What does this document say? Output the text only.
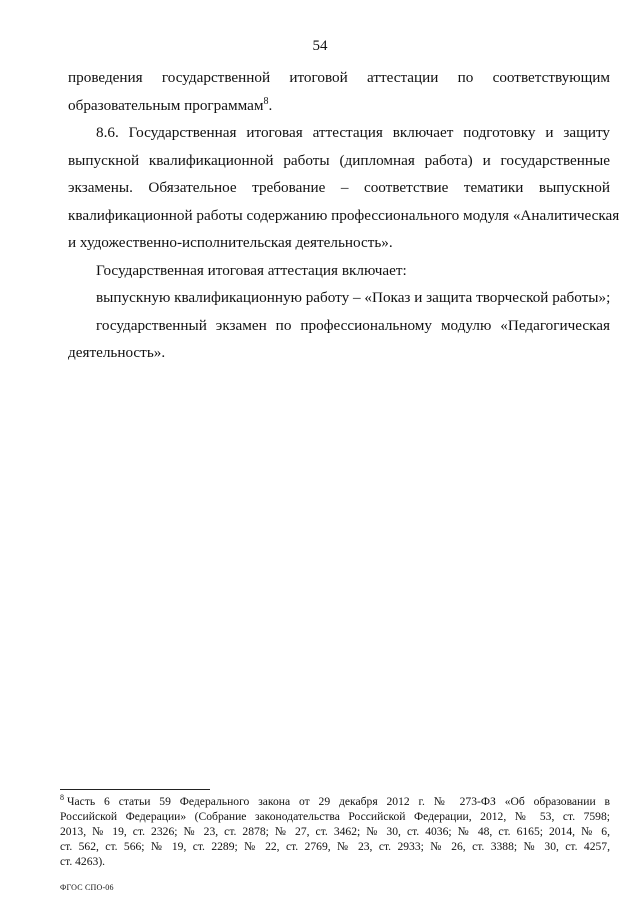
54
проведения государственной итоговой аттестации по соответствующим
образовательным программам$^8$.
8.6. Государственная итоговая аттестация включает подготовку и защиту
выпускной квалификационной работы (дипломная работа) и государственные
экзамены. Обязательное требование – соответствие тематики выпускной
квалификационной работы содержанию профессионального модуля «Аналитическая
и художественно-исполнительская деятельность».
Государственная итоговая аттестация включает:
выпускную квалификационную работу – «Показ и защита творческой работы»;
государственный экзамен по профессиональному модулю «Педагогическая
деятельность».
$^8$ Часть 6 статьи 59 Федерального закона от 29 декабря 2012 г. № 273-ФЗ «Об образовании в
Российской Федерации» (Собрание законодательства Российской Федерации, 2012, № 53, ст. 7598;
2013, № 19, ст. 2326; № 23, ст. 2878; № 27, ст. 3462; № 30, ст. 4036; № 48, ст. 6165; 2014, № 6,
ст. 562, ст. 566; № 19, ст. 2289; № 22, ст. 2769, № 23, ст. 2933; № 26, ст. 3388; № 30, ст. 4257,
ст. 4263).
ФГОС СПО-06
